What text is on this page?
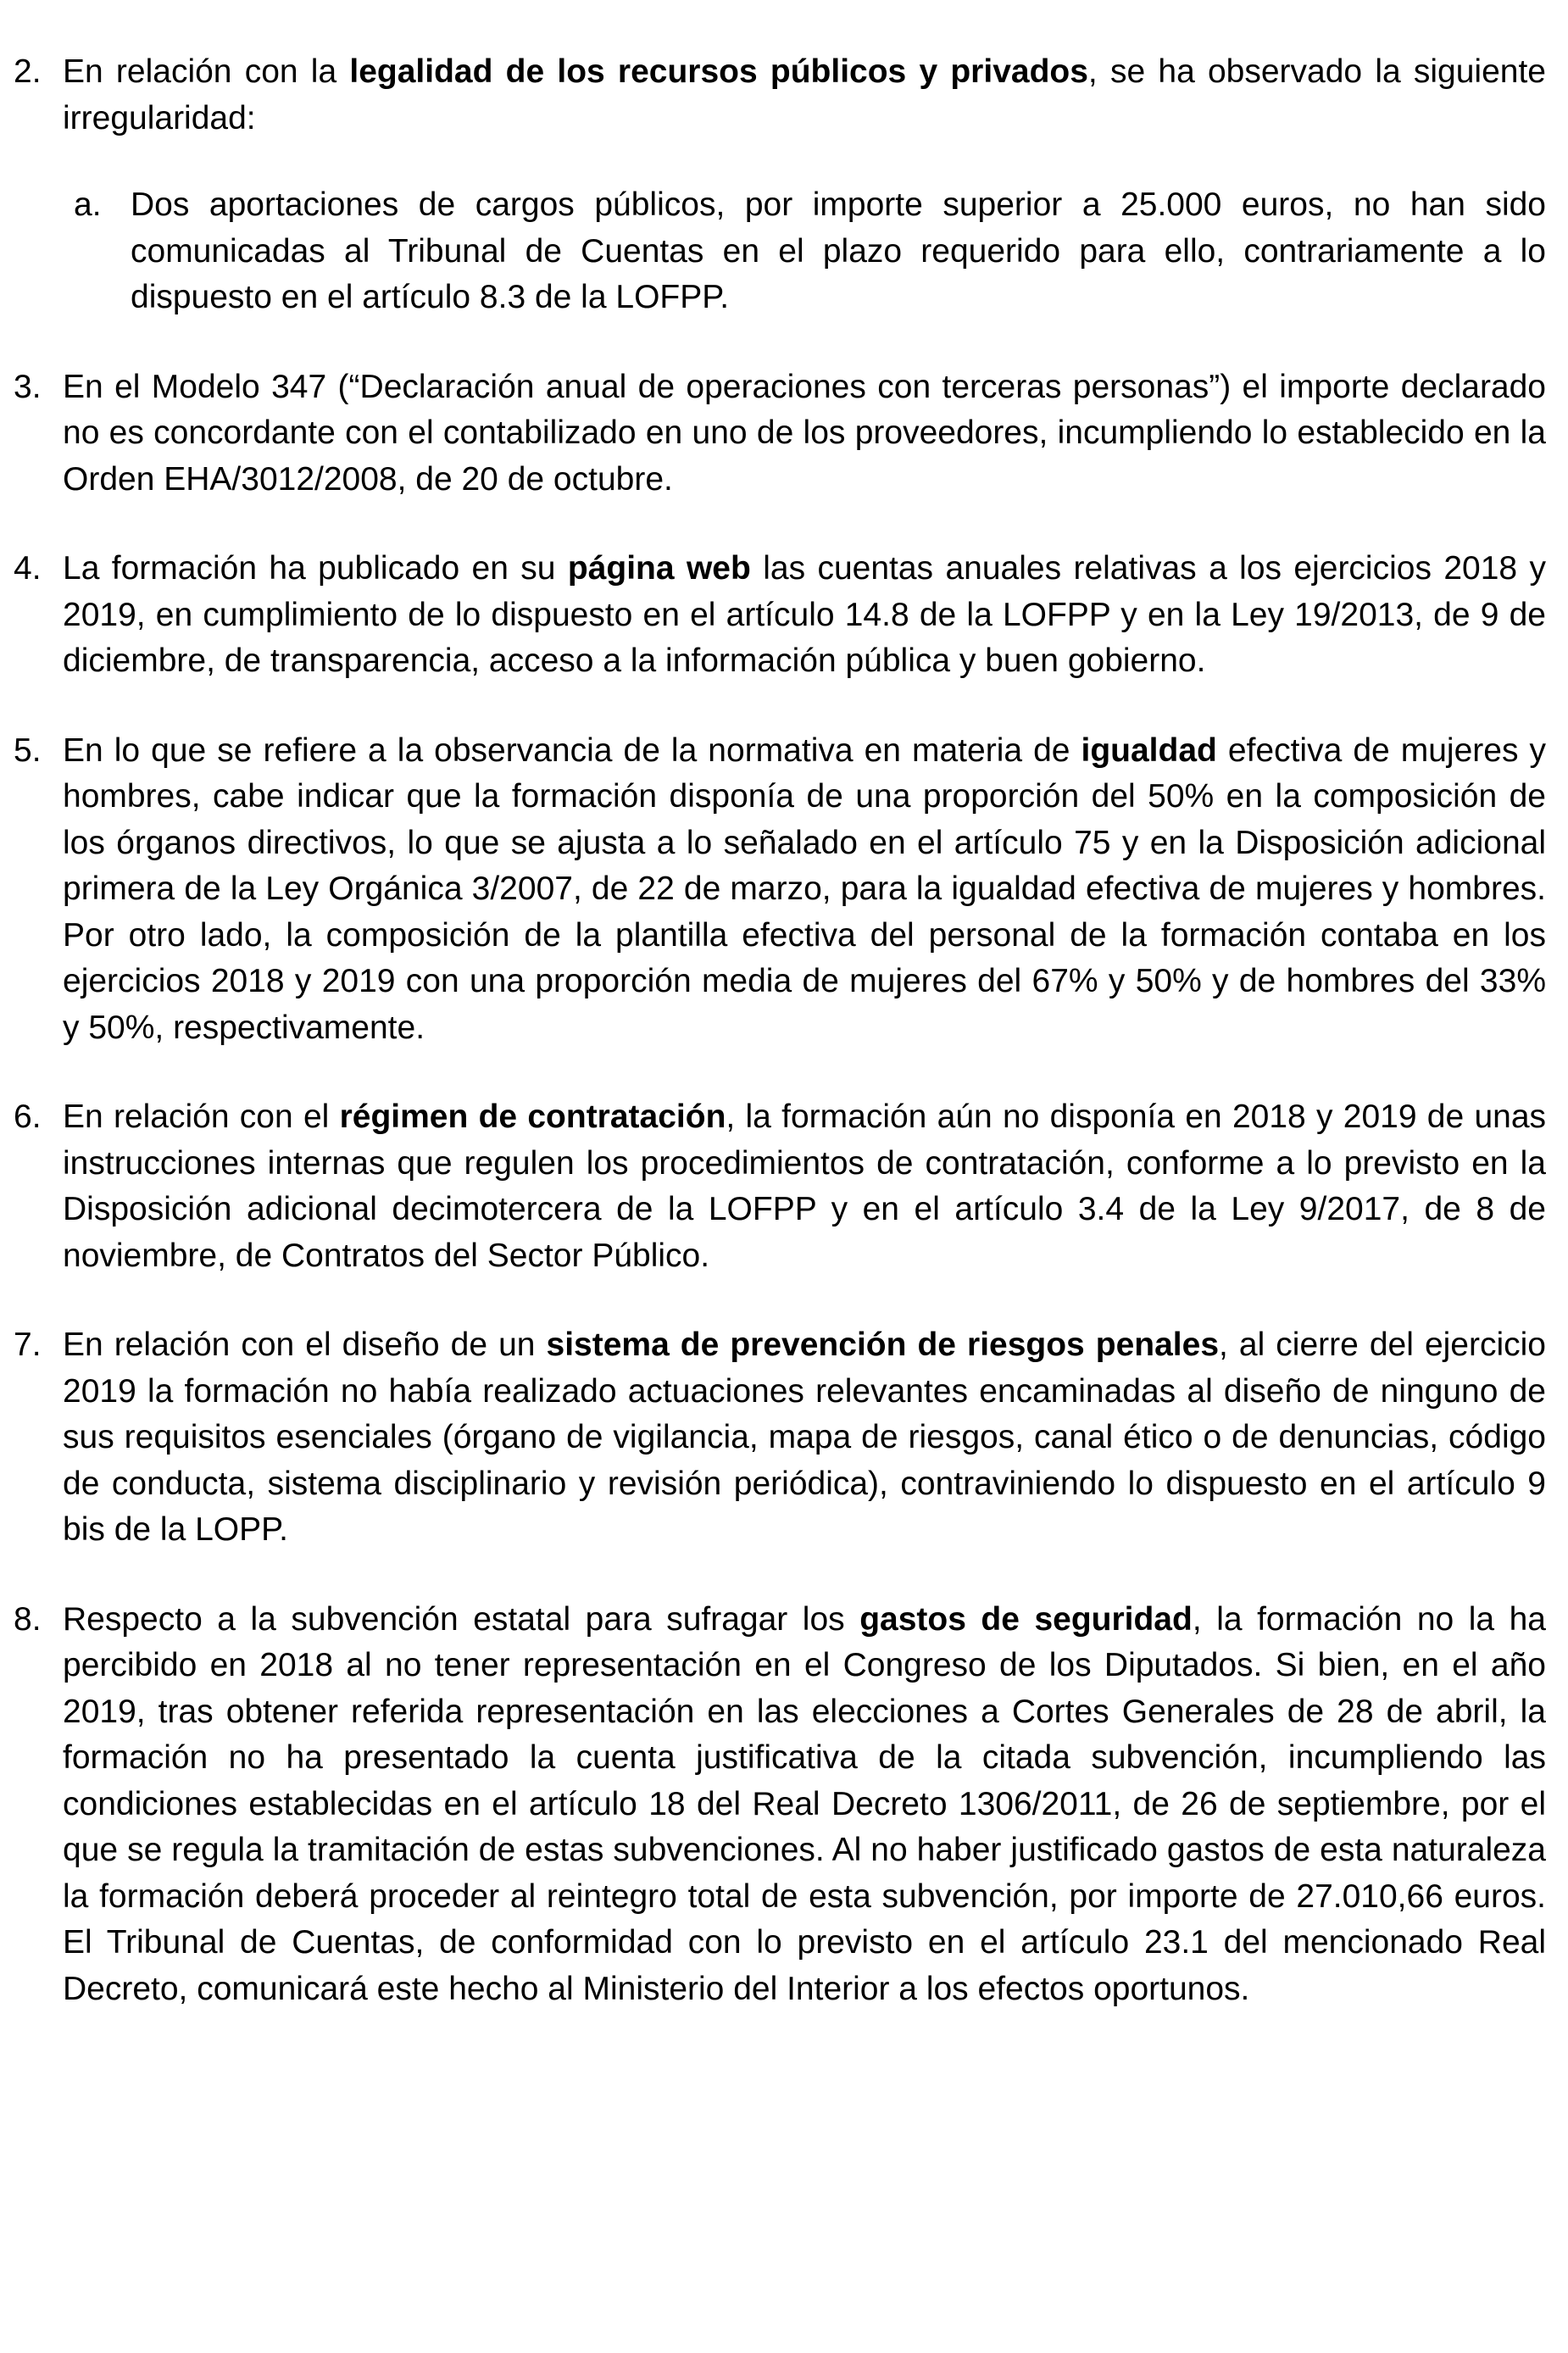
2. En relación con la legalidad de los recursos públicos y privados, se ha observado la siguiente irregularidad:
a. Dos aportaciones de cargos públicos, por importe superior a 25.000 euros, no han sido comunicadas al Tribunal de Cuentas en el plazo requerido para ello, contrariamente a lo dispuesto en el artículo 8.3 de la LOFPP.
3. En el Modelo 347 (“Declaración anual de operaciones con terceras personas”) el importe declarado no es concordante con el contabilizado en uno de los proveedores, incumpliendo lo establecido en la Orden EHA/3012/2008, de 20 de octubre.
4. La formación ha publicado en su página web las cuentas anuales relativas a los ejercicios 2018 y 2019, en cumplimiento de lo dispuesto en el artículo 14.8 de la LOFPP y en la Ley 19/2013, de 9 de diciembre, de transparencia, acceso a la información pública y buen gobierno.
5. En lo que se refiere a la observancia de la normativa en materia de igualdad efectiva de mujeres y hombres, cabe indicar que la formación disponía de una proporción del 50% en la composición de los órganos directivos, lo que se ajusta a lo señalado en el artículo 75 y en la Disposición adicional primera de la Ley Orgánica 3/2007, de 22 de marzo, para la igualdad efectiva de mujeres y hombres. Por otro lado, la composición de la plantilla efectiva del personal de la formación contaba en los ejercicios 2018 y 2019 con una proporción media de mujeres del 67% y 50% y de hombres del 33% y 50%, respectivamente.
6. En relación con el régimen de contratación, la formación aún no disponía en 2018 y 2019 de unas instrucciones internas que regulen los procedimientos de contratación, conforme a lo previsto en la Disposición adicional decimotercera de la LOFPP y en el artículo 3.4 de la Ley 9/2017, de 8 de noviembre, de Contratos del Sector Público.
7. En relación con el diseño de un sistema de prevención de riesgos penales, al cierre del ejercicio 2019 la formación no había realizado actuaciones relevantes encaminadas al diseño de ninguno de sus requisitos esenciales (órgano de vigilancia, mapa de riesgos, canal ético o de denuncias, código de conducta, sistema disciplinario y revisión periódica), contraviniendo lo dispuesto en el artículo 9 bis de la LOPP.
8. Respecto a la subvención estatal para sufragar los gastos de seguridad, la formación no la ha percibido en 2018 al no tener representación en el Congreso de los Diputados. Si bien, en el año 2019, tras obtener referida representación en las elecciones a Cortes Generales de 28 de abril, la formación no ha presentado la cuenta justificativa de la citada subvención, incumpliendo las condiciones establecidas en el artículo 18 del Real Decreto 1306/2011, de 26 de septiembre, por el que se regula la tramitación de estas subvenciones. Al no haber justificado gastos de esta naturaleza la formación deberá proceder al reintegro total de esta subvención, por importe de 27.010,66 euros. El Tribunal de Cuentas, de conformidad con lo previsto en el artículo 23.1 del mencionado Real Decreto, comunicará este hecho al Ministerio del Interior a los efectos oportunos.
